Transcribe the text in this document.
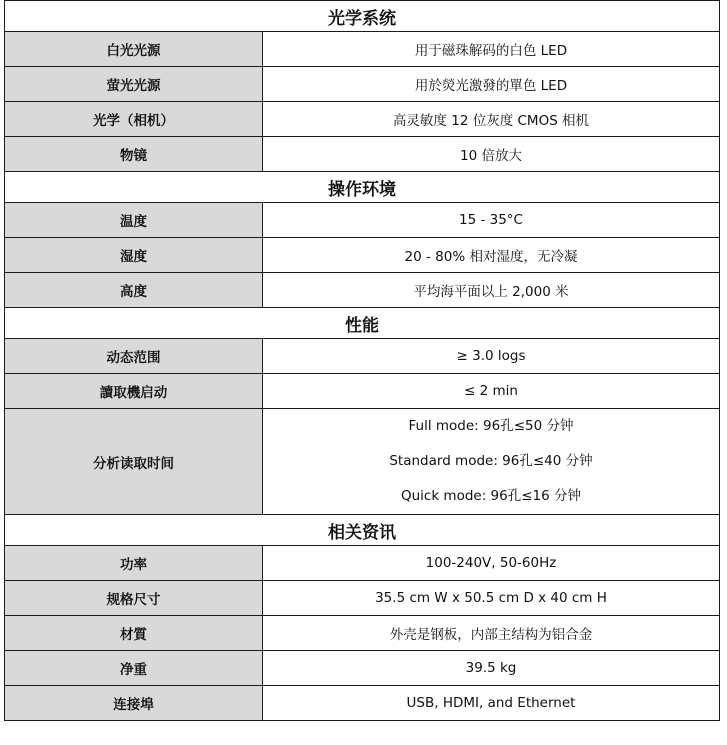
光学系统	
白光光源	用于磁珠解码的白色 LED
萤光光源	用於熒光激發的單色 LED
光学（相机）	高灵敏度 12 位灰度 CMOS 相机
物镜	10 倍放大
操作环境	
温度	15 - 35°C
湿度	20 - 80% 相对湿度，无冷凝
高度	平均海平面以上 2,000 米
性能	
动态范围	≥ 3.0 logs
讀取機启动	≤ 2 min
分析读取时间	Full mode: 96孔≤50 分钟
Standard mode: 96孔≤40 分钟
Quick mode: 96孔≤16 分钟

相关资讯	
功率	100-240V, 50-60Hz
规格尺寸	35.5 cm W x 50.5 cm D x 40 cm H
材質	外壳是钢板，内部主结构为铝合金
净重	39.5 kg
连接埠	USB, HDMI, and Ethernet
